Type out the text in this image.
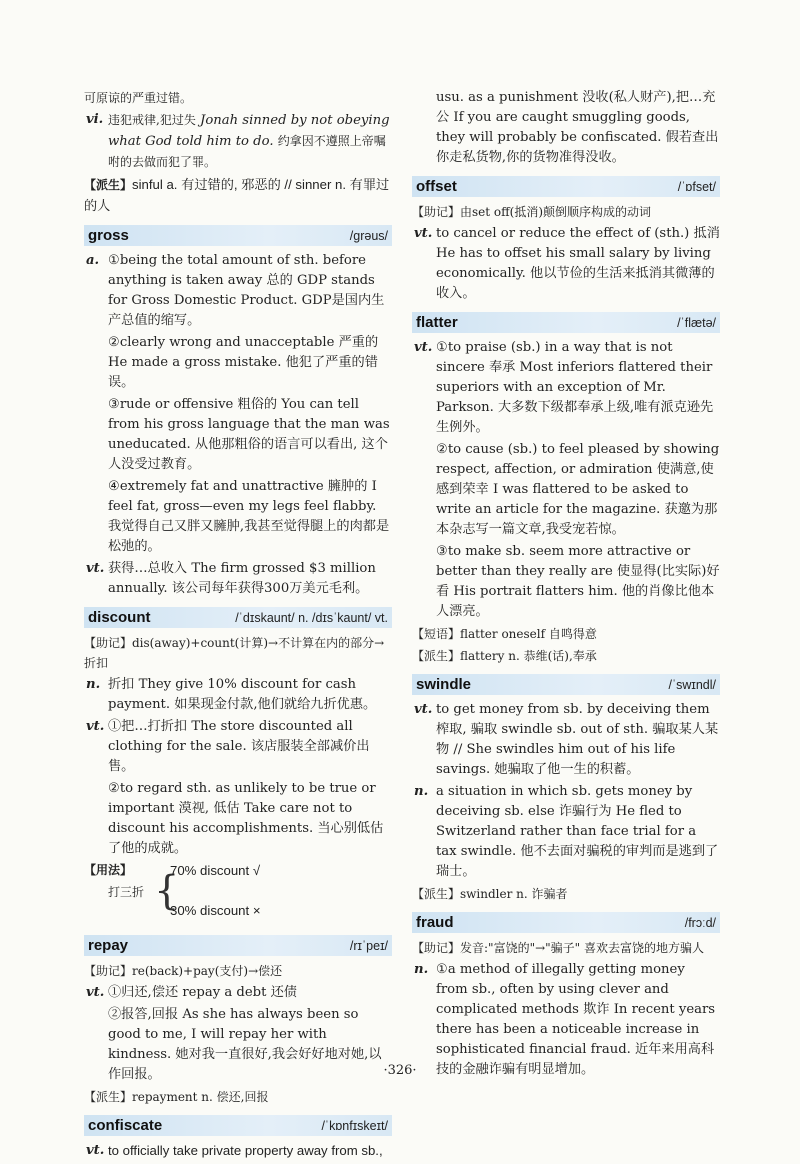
可原谅的严重过错。
vi. 违犯戒律,犯过失 Jonah sinned by not obeying what God told him to do. 约拿因不遵照上帝嘱咐的去做而犯了罪。
【派生】sinful a. 有过错的, 邪恶的 // sinner n. 有罪过的人
gross	/grəus/
a. ①being the total amount of sth. before anything is taken away 总的 GDP stands for Gross Domestic Product. GDP是国内生产总值的缩写。
②clearly wrong and unacceptable 严重的 He made a gross mistake. 他犯了严重的错误。
③rude or offensive 粗俗的 You can tell from his gross language that the man was uneducated. 从他那粗俗的语言可以看出, 这个人没受过教育。
④extremely fat and unattractive 臃肿的 I feel fat, gross—even my legs feel flabby. 我觉得自己又胖又臃肿,我甚至觉得腿上的肉都是松弛的。
vt. 获得…总收入 The firm grossed $3 million annually. 该公司每年获得300万美元毛利。
discount	/ˈdɪskaunt/ n. /dɪsˈkaunt/ vt.
【助记】dis(away)+count(计算)→不计算在内的部分→折扣
n. 折扣 They give 10% discount for cash payment. 如果现金付款,他们就给九折优惠。
vt. ①把…打折扣 The store discounted all clothing for the sale. 该店服装全部减价出售。
②to regard sth. as unlikely to be true or important 漠视, 低估 Take care not to discount his accomplishments. 当心别低估了他的成就。
【用法】
打三折 {
70% discount √
30% discount ×
repay	/rɪˈpeɪ/
【助记】re(back)+pay(支付)→偿还
vt. ①归还,偿还 repay a debt 还债
②报答,回报 As she has always been so good to me, I will repay her with kindness. 她对我一直很好,我会好好地对她,以作回报。
【派生】repayment n. 偿还,回报
confiscate	/ˈkɒnfɪskeɪt/
vt. to officially take private property away from sb.,
usu. as a punishment 没收(私人财产),把…充公 If you are caught smuggling goods, they will probably be confiscated. 假若查出你走私货物,你的货物准得没收。
offset	/ˈɒfset/
【助记】由set off(抵消)颠倒顺序构成的动词
vt. to cancel or reduce the effect of (sth.) 抵消 He has to offset his small salary by living economically. 他以节俭的生活来抵消其微薄的收入。
flatter	/ˈflætə/
vt. ①to praise (sb.) in a way that is not sincere 奉承 Most inferiors flattered their superiors with an exception of Mr. Parkson. 大多数下级都奉承上级,唯有派克逊先生例外。
②to cause (sb.) to feel pleased by showing respect, affection, or admiration 使满意,使感到荣幸 I was flattered to be asked to write an article for the magazine. 获邀为那本杂志写一篇文章,我受宠若惊。
③to make sb. seem more attractive or better than they really are 使显得(比实际)好看 His portrait flatters him. 他的肖像比他本人漂亮。
【短语】flatter oneself 自鸣得意
【派生】flattery n. 恭维(话),奉承
swindle	/ˈswɪndl/
vt. to get money from sb. by deceiving them 榨取, 骗取 swindle sb. out of sth. 骗取某人某物 // She swindles him out of his life savings. 她骗取了他一生的积蓄。
n. a situation in which sb. gets money by deceiving sb. else 诈骗行为 He fled to Switzerland rather than face trial for a tax swindle. 他不去面对骗税的审判而是逃到了瑞士。
【派生】swindler n. 诈骗者
fraud	/frɔːd/
【助记】发音:"富饶的"→"骗子" 喜欢去富饶的地方骗人
n. ①a method of illegally getting money from sb., often by using clever and complicated methods 欺诈 In recent years there has been a noticeable increase in sophisticated financial fraud. 近年来用高科技的金融诈骗有明显增加。
·326·
